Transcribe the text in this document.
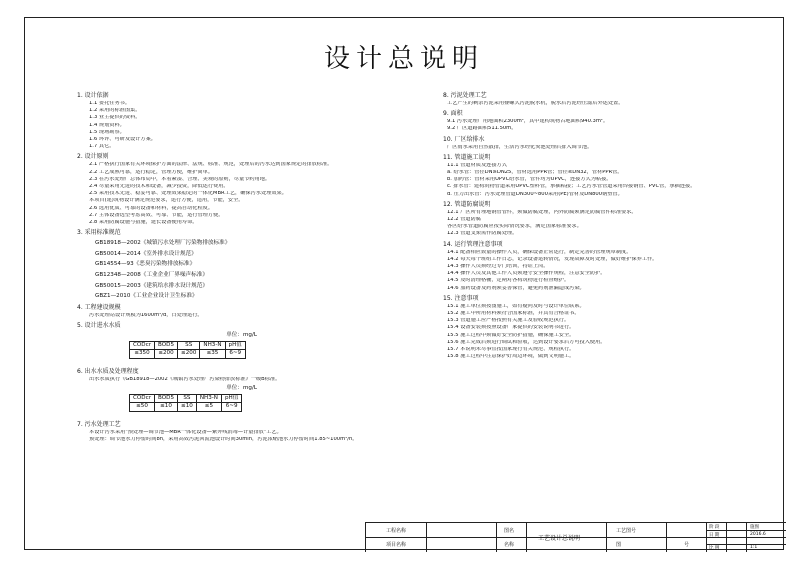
设计总说明
1. 设计依据
1.1 委托任务书。
1.2 采用的标准图集。
1.3 业主提供的资料。
1.4 规划资料。
1.5 现场勘察。
1.6 环评、可研及设计方案。
1.7 其它。
2. 设计原则
2.1 严格执行国家有关环境保护方面的法律、法规、标准、规范，处理后的污水达到国家规定的排放标准。
2.2 工艺成熟可靠，运行稳定，管理方便，维护简单。
2.3 在污水处理厂总体布局中，本着紧凑、合理、美观的原则，尽量节约用地。
2.4 尽量采用先进的技术和设备，减少投资，降低运行费用。
2.5 采用技术先进、稳妥可靠、处理效果稳定的一体化MBR工艺，确保污水处理效果。
本项目(建)筑物设计满足规范要求，运行方便，适用，节能，安全。
2.6 选用优质、可靠的设备和材料，提高自动化程度。
2.7 主体设备选型考虑高效、可靠、节能，运行管理方便。
2.8 采用防腐设施与措施，延长设备使用寿命。
3. 采用标准规范
GB18918—2002《城镇污水处理厂污染物排放标准》
GB50014—2014《室外排水设计规范》
GB14554—93《恶臭污染物排放标准》
GB12348—2008《工业企业厂界噪声标准》
GB50015—2003《建筑给水排水设计规范》
GBZ1—2010《工业企业设计卫生标准》
4. 工程建设规模
污水处理站设计规模为1600m³/d，日处理运行。
5. 设计进水水质
单位：mg/L
CODcr	BOD5	SS	NH3-N	pH值
≤350	≤200	≤200	≤35	6~9
6. 出水水质及处理程度
出水水质执行《GB18918—2002《城镇污水处理厂污染物排放标准》一级B标准。
单位：mg/L
CODcr	BOD5	SS	NH3-N	pH值
≤50	≤10	≤10	≤5	6~9
7. 污水处理工艺
本设计污水采用"预处理—调节池—MBR一体化设备—紫外线消毒—计量排放"工艺。
预处理：调节池水力停留时间8h，采用高效污泥回流池设计时间30min，污泥浓缩池水力停留时间1.85~100m³/h。
8. 污泥处理工艺
工艺产生的剩余污泥采用叠螺式污泥脱水机，脱水后污泥经压滤后外运处置。
9. 面积
9.1 污水处理厂用地面积2300m²，其中建构筑物占地面积940.3m²。
9.2 厂区道路面积511.50m。
10. 厂区给排水
厂区雨水采用自然散排，生活污水经化粪池处理后排入调节池。
11. 管道施工说明
11.1 管道材质及连接方式
a. 给水管：管径DN≥DN25，管材选用PPR管；管径≤DN32，管材PPR管。
b. 加药管：管材采用UPVC给水管，管件均为UPVC，连接方式为粘接。
c. 排水管：建构筑物管道采用UPVC塑料管，承插粘接；工艺污水管管道采用焊接钢管、PVC管，承插连接。
d. 压力出水管：污水处理管道DN300~800采用(PE)管材及DN800钢塑管。
12. 管道防腐说明
12.1 厂区所有埋地钢管管件，须做防腐处理，内外防腐须满足防腐管件标准要求。
12.2 管道防腐
各区给水管道防腐应按实际情况要求，满足国家标准要求。
12.3 管道支架需作防腐处理。
14. 运行管理注意事项
14.1 配备相应数量的操作人员，确保设备正常运行，制定完善的管理规章制度。
14.2 每天每个班组工作日志，记录设备运转情况，发现故障及时处理，做好维护保养工作。
14.3 操作人员须经过专门培训，持证上岗。
14.4 操作人员及其他工作人员须遵守安全操作规程，注意安全防护。
14.5 及时清理格栅，定期对各构筑物进行检查维护。
14.6 加药设备及药剂须妥善保管，避免药剂泄漏造成污染。
15. 注意事项
15.1 施工单位须按图施工，如有疑问及时与设计单位联系。
15.2 施工中所用材料须符合国家标准，并具有合格证书。
15.3 管道施工应严格按照有关施工及验收规范执行。
15.4 设备安装须按照设备厂家提供的安装说明书进行。
15.5 施工过程中须做好安全防护措施，确保施工安全。
15.6 施工完成后须进行调试和验收，达到设计要求后方可投入使用。
15.7 本说明未尽事宜按国家现行有关规范、规程执行。
15.8 施工过程中注意保护好周边环境，做到文明施工。
工程名称
项目名称
图名
名称
工艺设计总说明
工艺图号
号
图
阶 段
日 期
比 例
施图
2016.6
1:1
